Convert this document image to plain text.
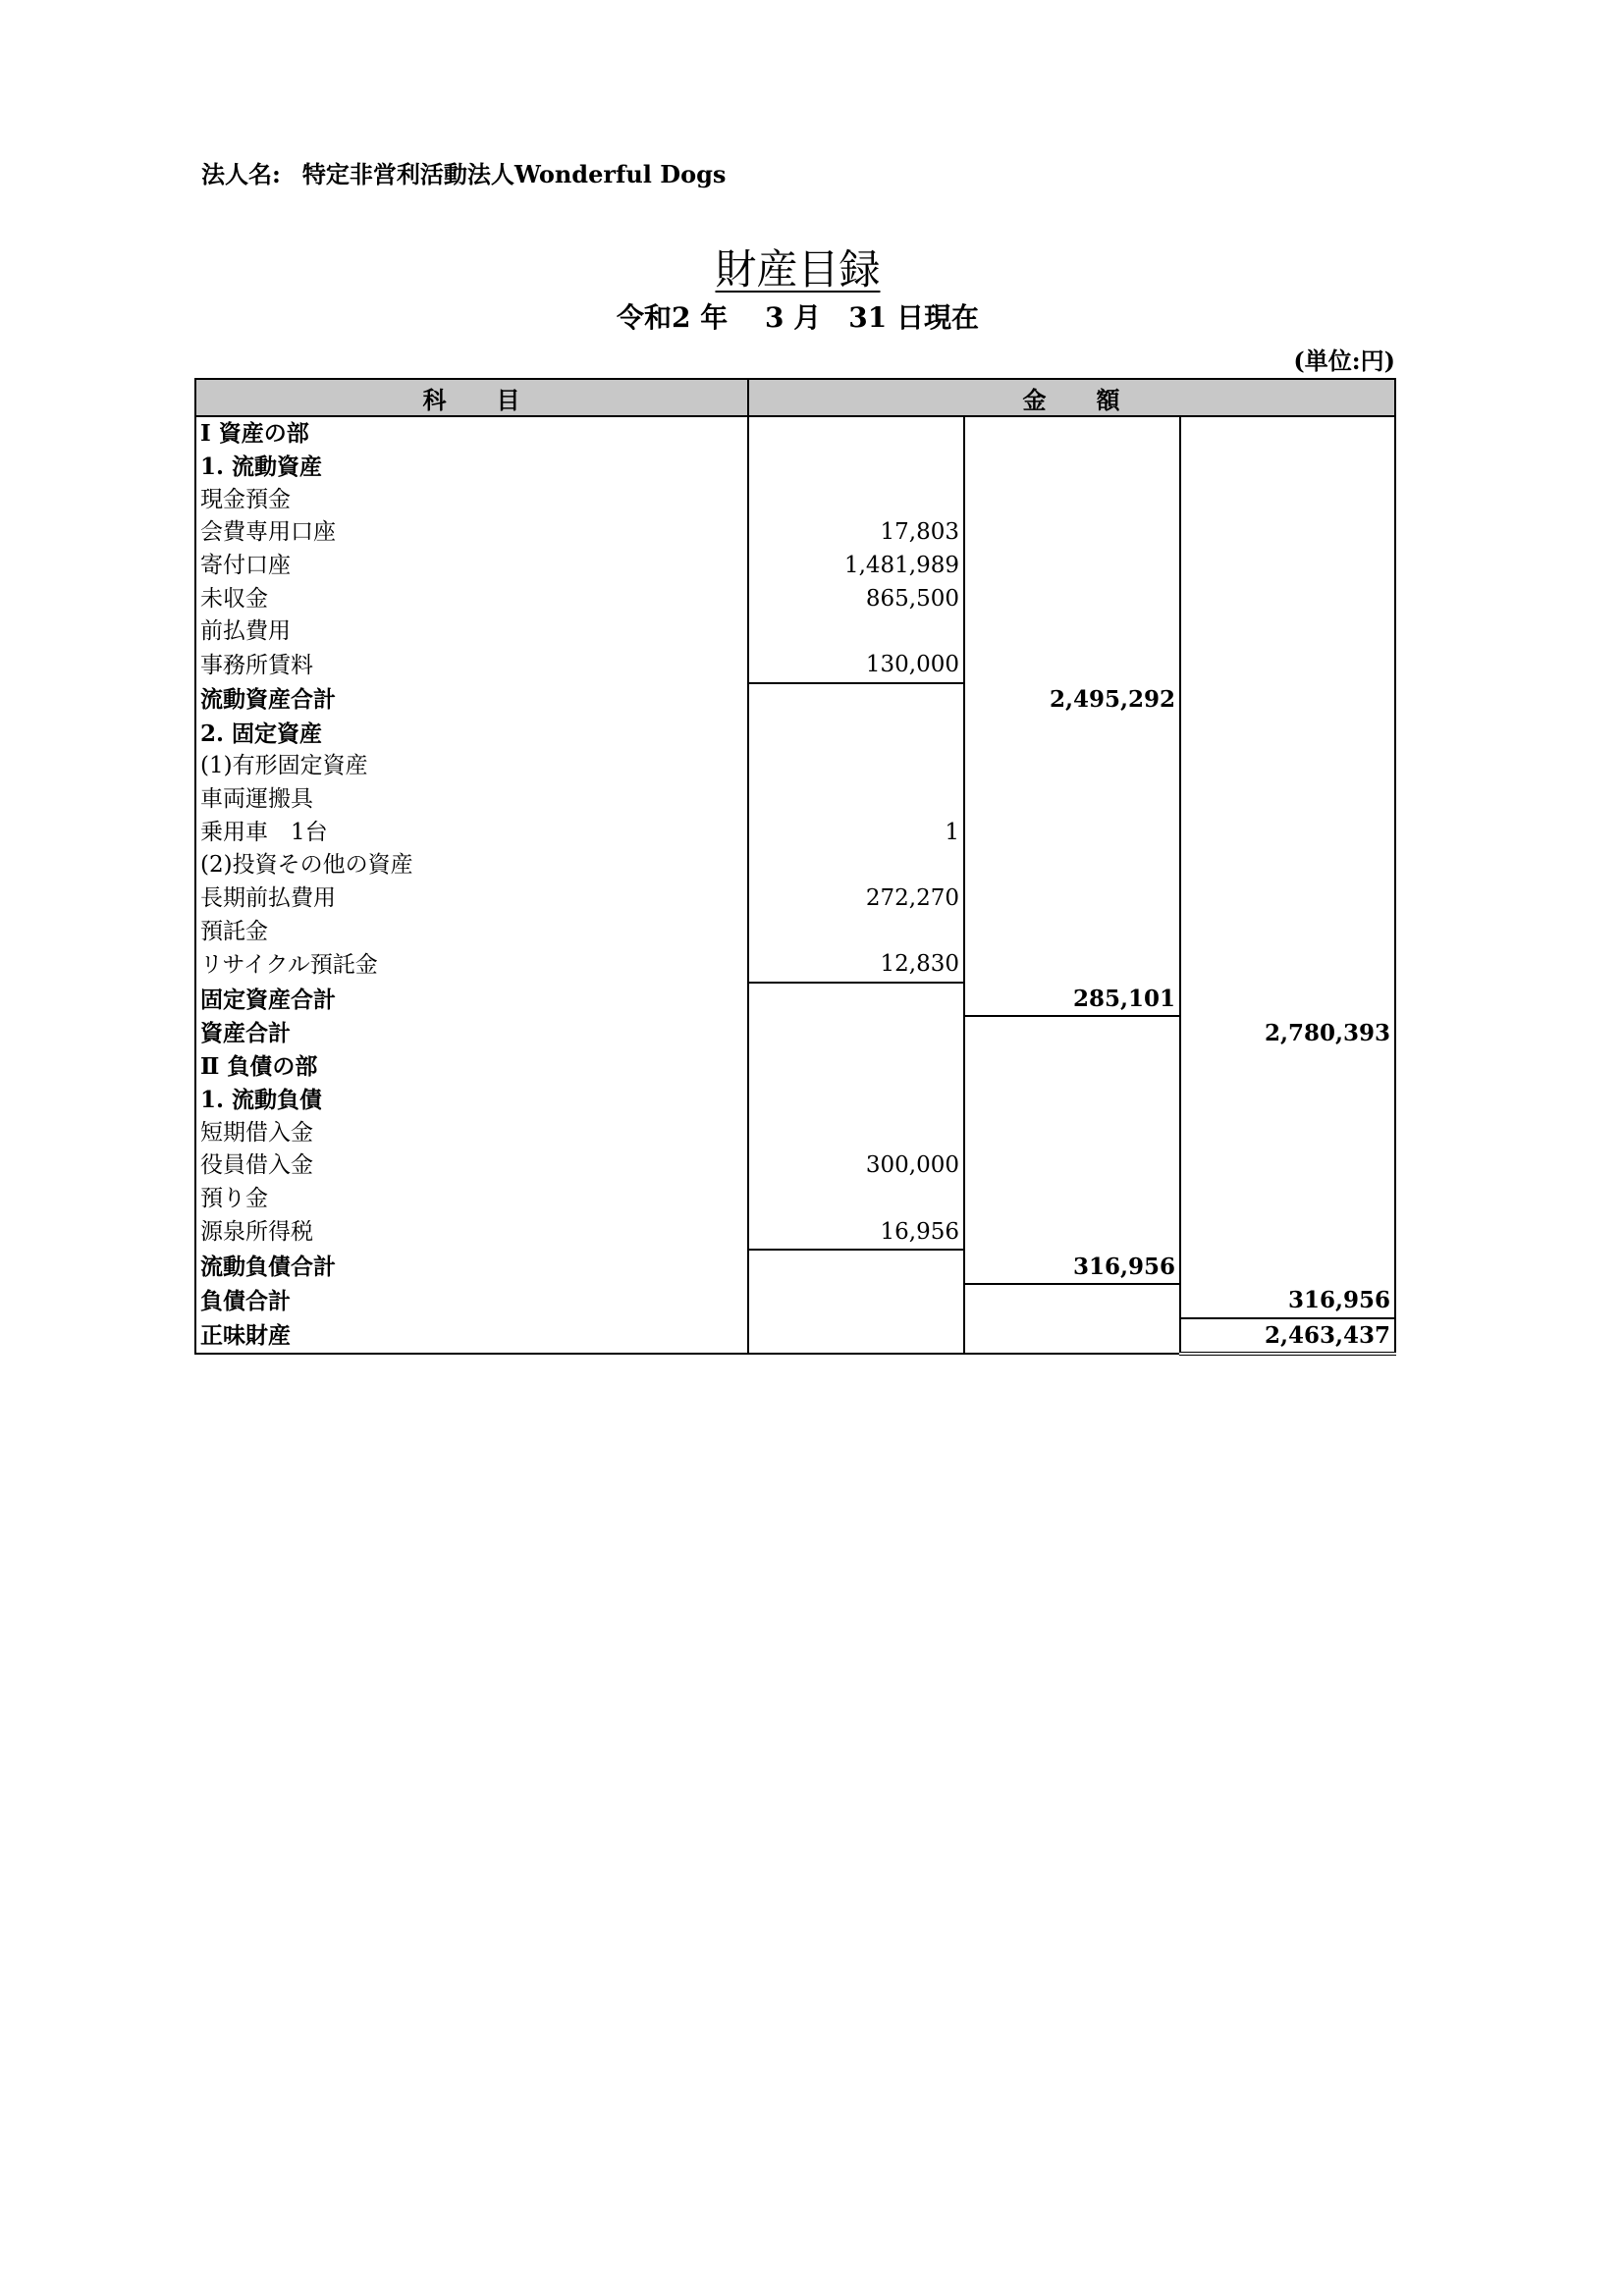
法人名: 特定非営利活動法人Wonderful Dogs
財産目録
令和2 年　 3 月　31 日現在
(単位:円)
科　　目	金　　額		
Ⅰ 資産の部			
1. 流動資産			
現金預金			
会費専用口座	17,803		
寄付口座	1,481,989		
未収金	865,500		
前払費用			
事務所賃料	130,000		
流動資産合計		2,495,292	
2. 固定資産			
(1)有形固定資産			
車両運搬具			
乗用車　1台	1		
(2)投資その他の資産			
長期前払費用	272,270		
預託金			
リサイクル預託金	12,830		
固定資産合計		285,101	
資産合計			2,780,393
Ⅱ 負債の部			
1. 流動負債			
短期借入金			
役員借入金	300,000		
預り金			
源泉所得税	16,956		
流動負債合計		316,956	
負債合計			316,956
正味財産			2,463,437
